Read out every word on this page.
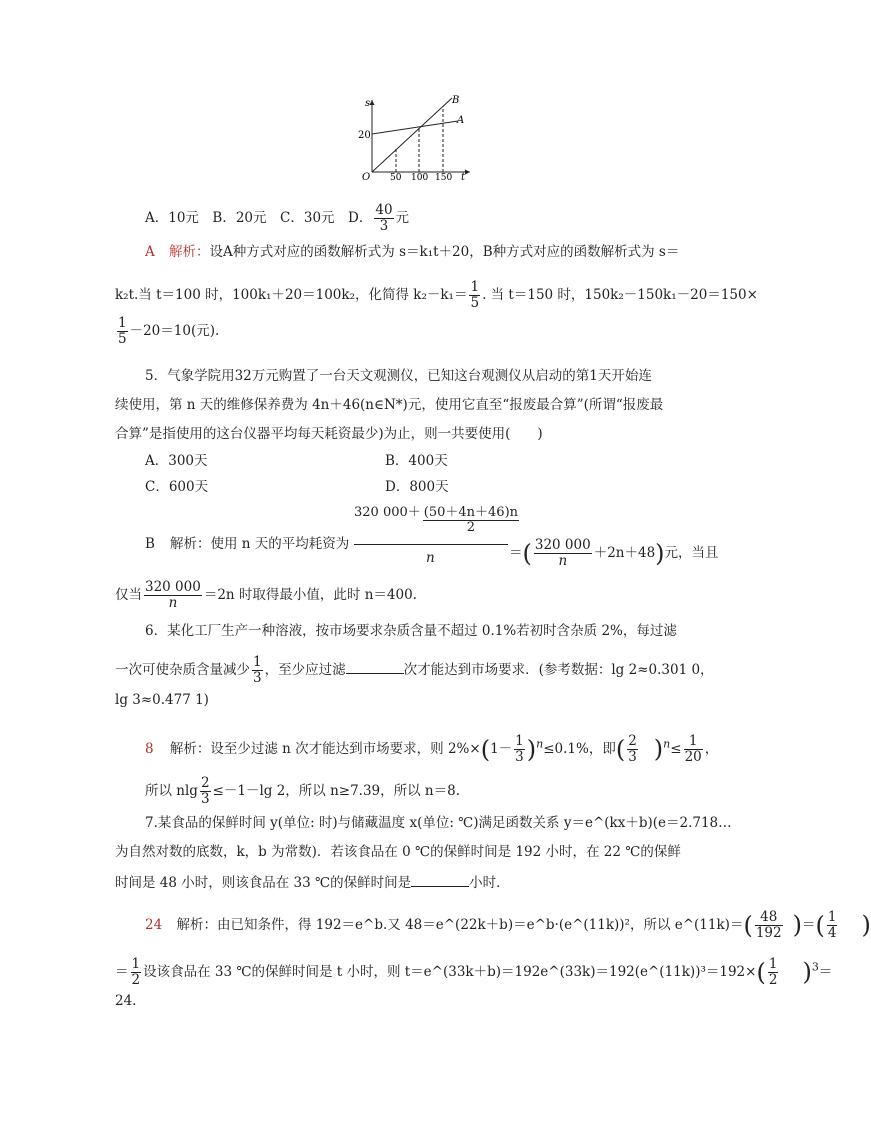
s
t
O
20
A
B
50 100 150
A．10元　B．20元　C．30元　D． $\frac{40}{3}$ 元
A 解析：设A种方式对应的函数解析式为 s＝k₁t＋20，B种方式对应的函数解析式为 s＝
k₂t.当 t＝100 时，100k₁＋20＝100k₂，化简得 $k_2-k_1= \frac{1}{5}$ . 当 t＝150 时，150k₂－150k₁－20＝150×
$\frac{1}{5} -20=10$(元).
5．气象学院用32万元购置了一台天文观测仪，已知这台观测仪从启动的第1天开始连
续使用，第 n 天的维修保养费为 4n＋46(n∈N*)元，使用它直至“报废最合算”(所谓“报废最
合算”是指使用的这台仪器平均每天耗资最少)为止，则一共要使用(　　)
A．300天	B．400天
C．600天	D．800天
B 解析：使用 n 天的平均耗资为
320 $000+ \frac{(50+4n+46)n}{2}$
n	＝( $\frac{320 000}{n} +2n+48$)元，当且
仅当 $\frac{320 000}{n} =2n$ 时取得最小值，此时 n＝400.
6．某化工厂生产一种溶液，按市场要求杂质含量不超过 0.1%若初时含杂质 2%，每过滤
一次可使杂质含量减少 $\frac{1}{3}$ ，至少应过滤	次才能达到市场要求．(参考数据：lg 2≈0.301 0，
lg 3≈0.477 1)
8 解析：设至少过滤 n 次才能达到市场要求，则 $2\%\times(1- \frac{1}{3} )^n\le 0.1\%$，即( $\frac{2}{3} )^n\le \frac{1}{20}$ ，
所以 nlg $\frac{2}{3} \le-1-\lg$ 2，所以 n≥7.39，所以 n＝8.
7.某食品的保鲜时间 y(单位: 时)与储藏温度 x(单位: ℃)满足函数关系 y＝e^(kx＋b)(e＝2.718…
为自然对数的底数，k，b 为常数)．若该食品在 0 ℃的保鲜时间是 192 小时，在 22 ℃的保鲜
时间是 48 小时，则该食品在 33 ℃的保鲜时间是	小时．
24 解析：由已知条件，得 192＝e^b.又 48＝e^(22k＋b)＝e^b·(e^(11k))²，所以 e^(11k)＝( $\frac{48}{192}$ )＝( $\frac{1}{4}$ )
＝ $\frac{1}{2}$ 设该食品在 33 ℃的保鲜时间是 t 小时，则 t＝e^(33k＋b)＝192e^(33k)＝192(e^(11k))³＝192×( $\frac{1}{2} )^3=$
24.
